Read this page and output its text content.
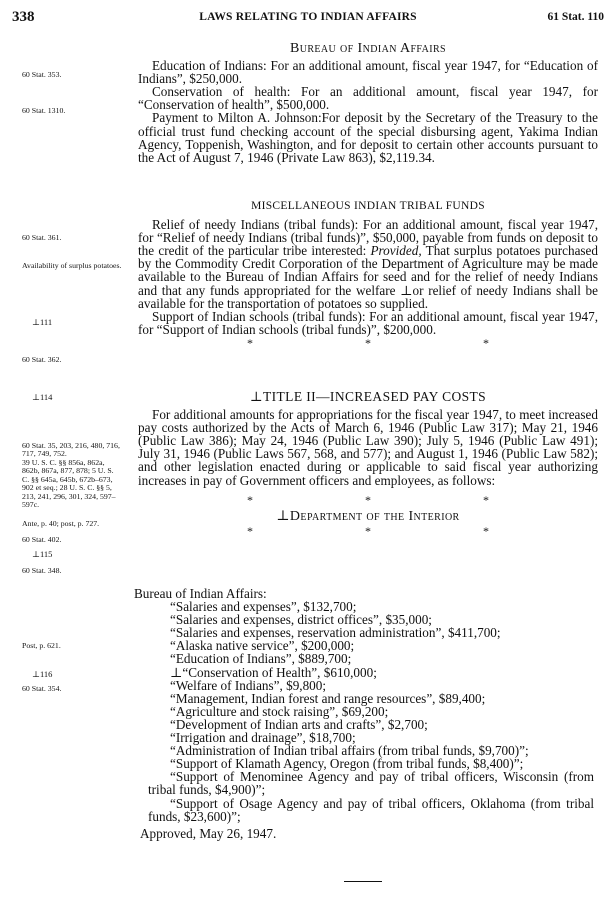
338	LAWS RELATING TO INDIAN AFFAIRS	61 Stat. 110
60 Stat. 353.
60 Stat. 1310.
60 Stat. 361.
Availability of surplus potatoes.
⊥111
60 Stat. 362.
⊥114
60 Stat. 35, 203, 216, 480, 716, 717, 749, 752.
39 U. S. C. §§ 856a, 862a, 862b, 867a, 877, 878; 5 U. S. C. §§ 645a, 645b, 672b–673, 902 et seq.; 28 U. S. C. §§ 5, 213, 241, 296, 301, 324, 597–597c.
Ante, p. 40; post, p. 727.
60 Stat. 402.
⊥115
60 Stat. 348.
Post, p. 621.
⊥116
60 Stat. 354.
Bureau of Indian Affairs

Education of Indians: For an additional amount, fiscal year 1947, for “Education of Indians”, $250,000.

Conservation of health: For an additional amount, fiscal year 1947, for “Conservation of health”, $500,000.

Payment to Milton A. Johnson:For deposit by the Secretary of the Treasury to the official trust fund checking account of the special disbursing agent, Yakima Indian Agency, Toppenish, Washington, and for deposit to certain other accounts pursuant to the Act of August 7, 1946 (Private Law 863), $2,119.34.

MISCELLANEOUS INDIAN TRIBAL FUNDS

Relief of needy Indians (tribal funds): For an additional amount, fiscal year 1947, for “Relief of needy Indians (tribal funds)”, $50,000, payable from funds on deposit to the credit of the particular tribe interested: Provided, That surplus potatoes purchased by the Commodity Credit Corporation of the Department of Agriculture may be made available to the Bureau of Indian Affairs for seed and for the relief of needy Indians and that any funds appropriated for the welfare ⊥or relief of needy Indians shall be available for the transportation of potatoes so supplied.

Support of Indian schools (tribal funds): For an additional amount, fiscal year 1947, for “Support of Indian schools (tribal funds)”, $200,000.

*	*	*
⊥TITLE II—INCREASED PAY COSTS

For additional amounts for appropriations for the fiscal year 1947, to meet increased pay costs authorized by the Acts of March 6, 1946 (Public Law 317); May 21, 1946 (Public Law 386); May 24, 1946 (Public Law 390); July 5, 1946 (Public Law 491); July 31, 1946 (Public Laws 567, 568, and 577); and August 1, 1946 (Public Law 582); and other legislation enacted during or applicable to said fiscal year authorizing increases in pay of Government officers and employees, as follows:

*	*	*
⊥Department of the Interior
*	*	*

Bureau of Indian Affairs:

“Salaries and expenses”, $132,700;

“Salaries and expenses, district offices”, $35,000;

“Salaries and expenses, reservation administration”, $411,700;

“Alaska native service”, $200,000;

“Education of Indians”, $889,700;

⊥“Conservation of Health”, $610,000;

“Welfare of Indians”, $9,800;

“Management, Indian forest and range resources”, $89,400;

“Agriculture and stock raising”, $69,200;

“Development of Indian arts and crafts”, $2,700;

“Irrigation and drainage”, $18,700;

“Administration of Indian tribal affairs (from tribal funds, $9,700)”;

“Support of Klamath Agency, Oregon (from tribal funds, $8,400)”;

“Support of Menominee Agency and pay of tribal officers, Wisconsin (from tribal funds, $4,900)”;

“Support of Osage Agency and pay of tribal officers, Oklahoma (from tribal funds, $23,600)”;

Approved, May 26, 1947.
